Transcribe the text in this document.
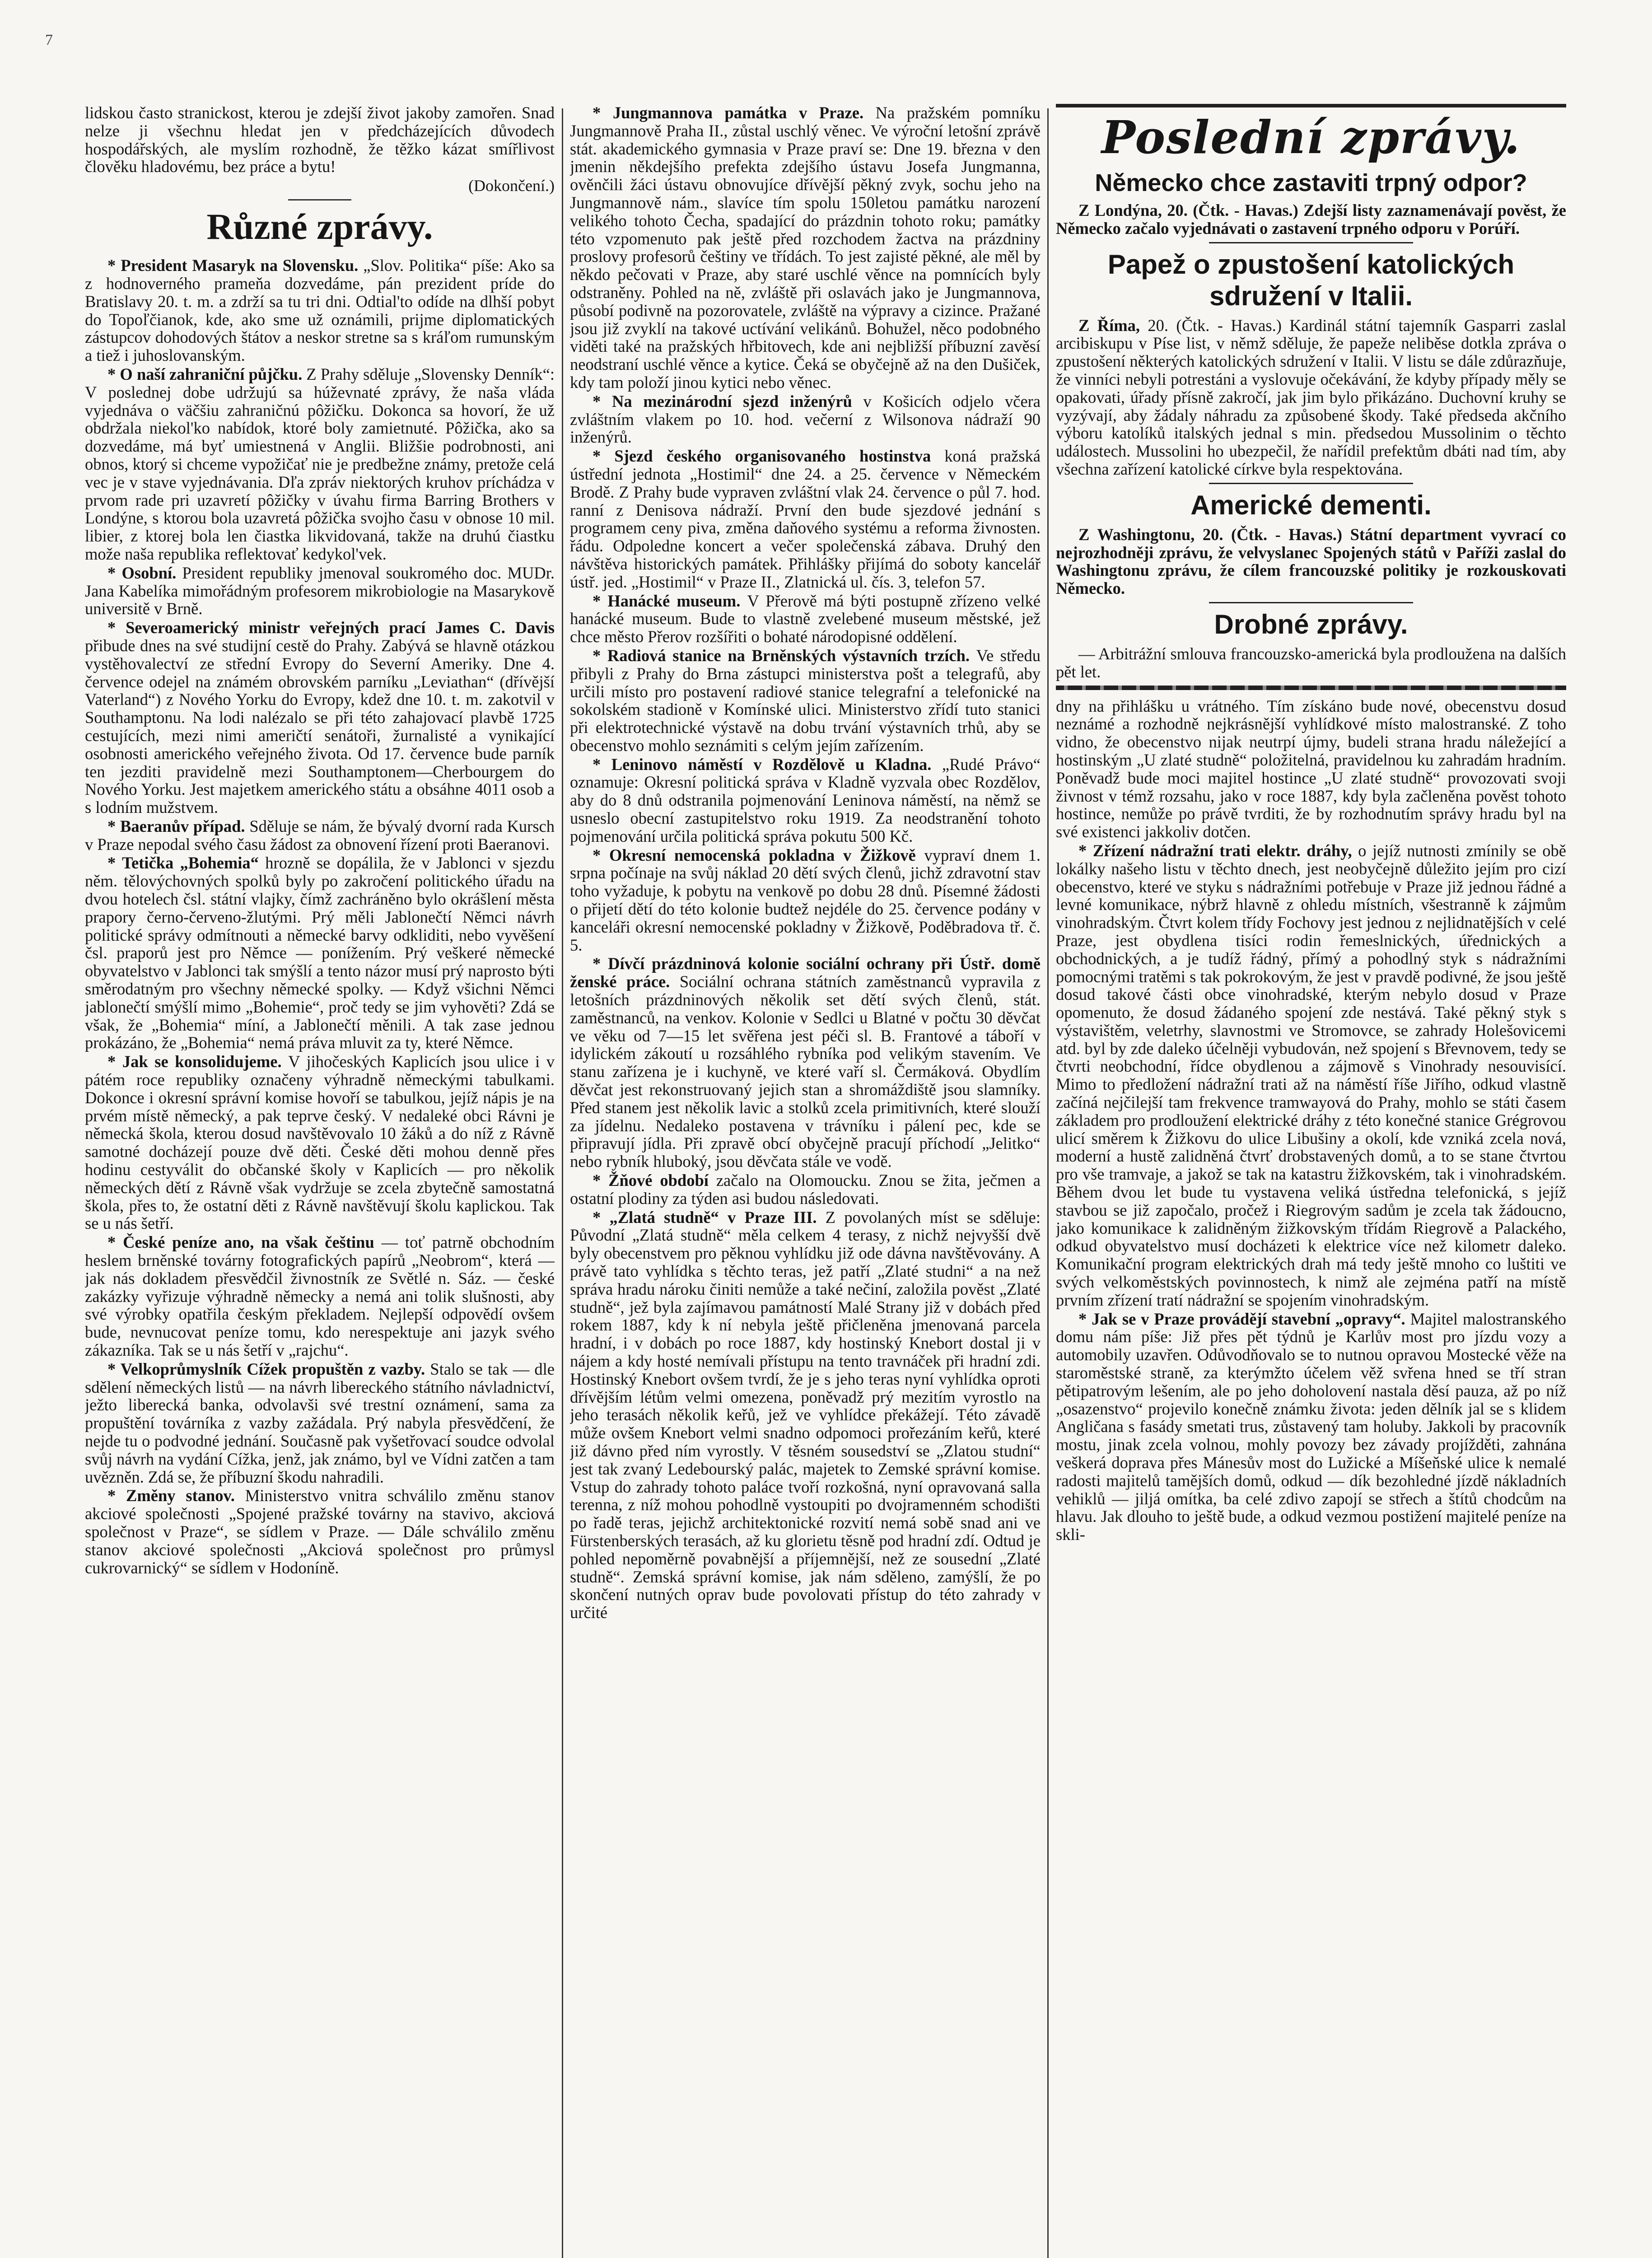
7

lidskou často stranickost, kterou je zdejší život jakoby zamořen. Snad nelze ji všechnu hledat jen v předcházejících důvodech hospodářských, ale myslím rozhodně, že těžko kázat smířlivost člověku hladovému, bez práce a bytu!

(Dokončení.)
Různé zprávy.

* President Masaryk na Slovensku. „Slov. Politika“ píše: Ako sa z hodnoverného prameňa dozvedáme, pán prezident príde do Bratislavy 20. t. m. a zdrží sa tu tri dni. Odtial'to odíde na dlhší pobyt do Topoľčianok, kde, ako sme už oznámili, prijme diplomatických zástupcov dohodových štátov a neskor stretne sa s kráľom rumunským a tiež i juhoslovanským.

* O naší zahraniční půjčku. Z Prahy sděluje „Slovensky Denník“: V poslednej dobe udržujú sa húževnaté zprávy, že naša vláda vyjednáva o väčšiu zahraničnú pôžičku. Dokonca sa hovorí, že už obdržala niekol'ko nabídok, ktoré boly zamietnuté. Pôžička, ako sa dozvedáme, má byť umiestnená v Anglii. Bližšie podrobnosti, ani obnos, ktorý si chceme vypožičať nie je predbežne známy, pretože celá vec je v stave vyjednávania. Dľa zpráv niektorých kruhov príchádza v prvom rade pri uzavretí pôžičky v úvahu firma Barring Brothers v Londýne, s ktorou bola uzavretá pôžička svojho času v obnose 10 mil. libier, z ktorej bola len čiastka likvidovaná, takže na druhú čiastku može naša republika reflektovať kedykol'vek.

* Osobní. President republiky jmenoval soukromého doc. MUDr. Jana Kabelíka mimořádným profesorem mikrobiologie na Masarykově universitě v Brně.

* Severoamerický ministr veřejných prací James C. Davis přibude dnes na své studijní cestě do Prahy. Zabývá se hlavně otázkou vystěhovalectví ze střední Evropy do Severní Ameriky. Dne 4. července odejel na známém obrovském parníku „Leviathan“ (dřívější Vaterland“) z Nového Yorku do Evropy, kdež dne 10. t. m. zakotvil v Southamptonu. Na lodi nalézalo se při této zahajovací plavbě 1725 cestujících, mezi nimi američtí senátoři, žurnalisté a vynikající osobnosti amerického veřejného života. Od 17. července bude parník ten jezditi pravidelně mezi Southamptonem—Cherbourgem do Nového Yorku. Jest majetkem amerického státu a obsáhne 4011 osob a s lodním mužstvem.

* Baeranův případ. Sděluje se nám, že bývalý dvorní rada Kursch v Praze nepodal svého času žádost za obnovení řízení proti Baeranovi.

* Tetička „Bohemia“ hrozně se dopálila, že v Jablonci v sjezdu něm. tělovýchovných spolků byly po zakročení politického úřadu na dvou hotelech čsl. státní vlajky, čímž zachráněno bylo okrášlení města prapory černo-červeno-žlutými. Prý měli Jablonečtí Němci návrh politické správy odmítnouti a německé barvy odkliditi, nebo vyvěšení čsl. praporů jest pro Němce — ponížením. Prý veškeré německé obyvatelstvo v Jablonci tak smýšlí a tento názor musí prý naprosto býti směrodatným pro všechny německé spolky. — Když všichni Němci jablonečtí smýšlí mimo „Bohemie“, proč tedy se jim vyhověti? Zdá se však, že „Bohemia“ míní, a Jablonečtí měnili. A tak zase jednou prokázáno, že „Bohemia“ nemá práva mluvit za ty, které Němce.

* Jak se konsolidujeme. V jihočeských Kaplicích jsou ulice i v pátém roce republiky označeny výhradně německými tabulkami. Dokonce i okresní správní komise hovoří se tabulkou, jejíž nápis je na prvém místě německý, a pak teprve český. V nedaleké obci Rávni je německá škola, kterou dosud navštěvovalo 10 žáků a do níž z Rávně samotné docházejí pouze dvě děti. České děti mohou denně přes hodinu cestyválit do občanské školy v Kaplicích — pro několik německých dětí z Rávně však vydržuje se zcela zbytečně samostatná škola, přes to, že ostatní děti z Rávně navštěvují školu kaplickou. Tak se u nás šetří.

* České peníze ano, na však češtinu — toť patrně obchodním heslem brněnské továrny fotografických papírů „Neobrom“, která — jak nás dokladem přesvědčil živnostník ze Světlé n. Sáz. — české zakázky vyřizuje výhradně německy a nemá ani tolik slušnosti, aby své výrobky opatřila českým překladem. Nejlepší odpovědí ovšem bude, nevnucovat peníze tomu, kdo nerespektuje ani jazyk svého zákazníka. Tak se u nás šetří v „rajchu“.

* Velkoprůmyslník Cížek propuštěn z vazby. Stalo se tak — dle sdělení německých listů — na návrh libereckého státního návladnictví, ježto liberecká banka, odvolavši své trestní oznámení, sama za propuštění továrníka z vazby zažádala. Prý nabyla přesvědčení, že nejde tu o podvodné jednání. Současně pak vyšetřovací soudce odvolal svůj návrh na vydání Cížka, jenž, jak známo, byl ve Vídni zatčen a tam uvězněn. Zdá se, že příbuzní škodu nahradili.

* Změny stanov. Ministerstvo vnitra schválilo změnu stanov akciové společnosti „Spojené pražské továrny na stavivo, akciová společnost v Praze“, se sídlem v Praze. — Dále schválilo změnu stanov akciové společnosti „Akciová společnost pro průmysl cukrovarnický“ se sídlem v Hodoníně.

* Jungmannova památka v Praze. Na pražském pomníku Jungmannově Praha II., zůstal uschlý věnec. Ve výroční letošní zprávě stát. akademického gymnasia v Praze praví se: Dne 19. března v den jmenin někdejšího prefekta zdejšího ústavu Josefa Jungmanna, ověnčili žáci ústavu obnovujíce dřívější pěkný zvyk, sochu jeho na Jungmannově nám., slavíce tím spolu 150letou památku narození velikého tohoto Čecha, spadající do prázdnin tohoto roku; památky této vzpomenuto pak ještě před rozchodem žactva na prázdniny proslovy profesorů češtiny ve třídách. To jest zajisté pěkné, ale měl by někdo pečovati v Praze, aby staré uschlé věnce na pomnících byly odstraněny. Pohled na ně, zvláště při oslavách jako je Jungmannova, působí podivně na pozorovatele, zvláště na výpravy a cizince. Pražané jsou již zvyklí na takové uctívání velikánů. Bohužel, něco podobného viděti také na pražských hřbitovech, kde ani nejbližší příbuzní zavěsí neodstraní uschlé věnce a kytice. Čeká se obyčejně až na den Dušiček, kdy tam položí jinou kytici nebo věnec.

* Na mezinárodní sjezd inženýrů v Košicích odjelo včera zvláštním vlakem po 10. hod. večerní z Wilsonova nádraží 90 inženýrů.

* Sjezd českého organisovaného hostinstva koná pražská ústřední jednota „Hostimil“ dne 24. a 25. července v Německém Brodě. Z Prahy bude vypraven zvláštní vlak 24. července o půl 7. hod. ranní z Denisova nádraží. První den bude sjezdové jednání s programem ceny piva, změna daňového systému a reforma živnosten. řádu. Odpoledne koncert a večer společenská zábava. Druhý den návštěva historických památek. Přihlášky přijímá do soboty kancelář ústř. jed. „Hostimil“ v Praze II., Zlatnická ul. čís. 3, telefon 57.

* Hanácké museum. V Přerově má býti postupně zřízeno velké hanácké museum. Bude to vlastně zvelebené museum městské, jež chce město Přerov rozšířiti o bohaté národopisné oddělení.

* Radiová stanice na Brněnských výstavních trzích. Ve středu přibyli z Prahy do Brna zástupci ministerstva pošt a telegrafů, aby určili místo pro postavení radiové stanice telegrafní a telefonické na sokolském stadioně v Komínské ulici. Ministerstvo zřídí tuto stanici při elektrotechnické výstavě na dobu trvání výstavních trhů, aby se obecenstvo mohlo seznámiti s celým jejím zařízením.

* Leninovo náměstí v Rozdělově u Kladna. „Rudé Právo“ oznamuje: Okresní politická správa v Kladně vyzvala obec Rozdělov, aby do 8 dnů odstranila pojmenování Leninova náměstí, na němž se usneslo obecní zastupitelstvo roku 1919. Za neodstranění tohoto pojmenování určila politická správa pokutu 500 Kč.

* Okresní nemocenská pokladna v Žižkově vypraví dnem 1. srpna počínaje na svůj náklad 20 dětí svých členů, jichž zdravotní stav toho vyžaduje, k pobytu na venkově po dobu 28 dnů. Písemné žádosti o přijetí dětí do této kolonie budtež nejdéle do 25. července podány v kanceláři okresní nemocenské pokladny v Žižkově, Poděbradova tř. č. 5.

* Dívčí prázdninová kolonie sociální ochrany při Ústř. domě ženské práce. Sociální ochrana státních zaměstnanců vypravila z letošních prázdninových několik set dětí svých členů, stát. zaměstnanců, na venkov. Kolonie v Sedlci u Blatné v počtu 30 děvčat ve věku od 7—15 let svěřena jest péči sl. B. Frantové a táboří v idylickém zákoutí u rozsáhlého rybníka pod velikým stavením. Ve stanu zařízena je i kuchyně, ve které vaří sl. Čermáková. Obydlím děvčat jest rekonstruovaný jejich stan a shromáždiště jsou slamníky. Před stanem jest několik lavic a stolků zcela primitivních, které slouží za jídelnu. Nedaleko postavena v trávníku i pálení pec, kde se připravují jídla. Při zpravě obcí obyčejně pracují příchodí „Jelitko“ nebo rybník hluboký, jsou děvčata stále ve vodě.

* Žňové období začalo na Olomoucku. Znou se žita, ječmen a ostatní plodiny za týden asi budou následovati.

* „Zlatá studně“ v Praze III. Z povolaných míst se sděluje: Původní „Zlatá studně“ měla celkem 4 terasy, z nichž nejvyšší dvě byly obecenstvem pro pěknou vyhlídku již ode dávna navštěvovány. A právě tato vyhlídka s těchto teras, jež patří „Zlaté studni“ a na než správa hradu nároku činiti nemůže a také nečiní, založila pověst „Zlaté studně“, jež byla zajímavou památností Malé Strany již v dobách před rokem 1887, kdy k ní nebyla ještě přičleněna jmenovaná parcela hradní, i v dobách po roce 1887, kdy hostinský Knebort dostal ji v nájem a kdy hosté nemívali přístupu na tento travnáček při hradní zdi. Hostinský Knebort ovšem tvrdí, že je s jeho teras nyní vyhlídka oproti dřívějším létům velmi omezena, poněvadž prý mezitím vyrostlo na jeho terasách několik keřů, jež ve vyhlídce překážejí. Této závadě může ovšem Knebort velmi snadno odpomoci prořezáním keřů, které již dávno před ním vyrostly. V těsném sousedství se „Zlatou studní“ jest tak zvaný Ledebourský palác, majetek to Zemské správní komise. Vstup do zahrady tohoto paláce tvoří rozkošná, nyní opravovaná salla terenna, z níž mohou pohodlně vystoupiti po dvojramenném schodišti po řadě teras, jejichž architektonické rozvití nemá sobě snad ani ve Fürstenberských terasách, až ku glorietu těsně pod hradní zdí. Odtud je pohled nepoměrně povabnější a příjemnější, než ze sousední „Zlaté studně“. Zemská správní komise, jak nám sděleno, zamýšlí, že po skončení nutných oprav bude povolovati přístup do této zahrady v určité

Poslední zprávy.
Německo chce zastaviti trpný odpor?

Z Londýna, 20. (Čtk. - Havas.) Zdejší listy zaznamenávají pověst, že Německo začalo vyjednávati o zastavení trpného odporu v Porúří.

Papež o zpustošení katolických sdružení v Italii.

Z Říma, 20. (Čtk. - Havas.) Kardinál státní tajemník Gasparri zaslal arcibiskupu v Píse list, v němž sděluje, že papeže neliběse dotkla zpráva o zpustošení některých katolických sdružení v Italii. V listu se dále zdůrazňuje, že vinníci nebyli potrestáni a vyslovuje očekávání, že kdyby případy měly se opakovati, úřady přísně zakročí, jak jim bylo přikázáno. Duchovní kruhy se vyzývají, aby žádaly náhradu za způsobené škody. Také předseda akčního výboru katolíků italských jednal s min. předsedou Mussolinim o těchto událostech. Mussolini ho ubezpečil, že nařídil prefektům dbáti nad tím, aby všechna zařízení katolické církve byla respektována.

Americké dementi.

Z Washingtonu, 20. (Čtk. - Havas.) Státní department vyvrací co nejrozhodněji zprávu, že velvyslanec Spojených států v Paříži zaslal do Washingtonu zprávu, že cílem francouzské politiky je rozkouskovati Německo.

Drobné zprávy.

— Arbitrážní smlouva francouzsko-americká byla prodloužena na dalších pět let.

dny na přihlášku u vrátného. Tím získáno bude nové, obecenstvu dosud neznámé a rozhodně nejkrásnější vyhlídkové místo malostranské. Z toho vidno, že obecenstvo nijak neutrpí újmy, budeli strana hradu náležející a hostinským „U zlaté studně“ položitelná, pravidelnou ku zahradám hradním. Poněvadž bude moci majitel hostince „U zlaté studně“ provozovati svoji živnost v témž rozsahu, jako v roce 1887, kdy byla začleněna pověst tohoto hostince, nemůže po právě tvrditi, že by rozhodnutím správy hradu byl na své existenci jakkoliv dotčen.

* Zřízení nádražní trati elektr. dráhy, o jejíž nutnosti zmínily se obě lokálky našeho listu v těchto dnech, jest neobyčejně důležito jejím pro cizí obecenstvo, které ve styku s nádražními potřebuje v Praze již jednou řádné a levné komunikace, nýbrž hlavně z ohledu místních, všestranně k zájmům vinohradským. Čtvrt kolem třídy Fochovy jest jednou z nejlidnatějších v celé Praze, jest obydlena tisíci rodin řemeslnických, úřednických a obchodnických, a je tudíž řádný, přímý a pohodlný styk s nádražními pomocnými tratěmi s tak pokrokovým, že jest v pravdě podivné, že jsou ještě dosud takové části obce vinohradské, kterým nebylo dosud v Praze opomenuto, že dosud žádaného spojení zde nestává. Také pěkný styk s výstavištěm, veletrhy, slavnostmi ve Stromovce, se zahrady Holešovicemi atd. byl by zde daleko účelněji vybudován, než spojení s Břevnovem, tedy se čtvrti neobchodní, řídce obydlenou a zájmově s Vinohrady nesouvisící. Mimo to předložení nádražní trati až na náměstí říše Jiřího, odkud vlastně začíná nejčilejší tam frekvence tramwayová do Prahy, mohlo se státi časem základem pro prodloužení elektrické dráhy z této konečné stanice Grégrovou ulicí směrem k Žižkovu do ulice Libušiny a okolí, kde vzniká zcela nová, moderní a hustě zalidněná čtvrť drobstavených domů, a to se stane čtvrtou pro vše tramvaje, a jakož se tak na katastru žižkovském, tak i vinohradském. Během dvou let bude tu vystavena veliká ústředna telefonická, s jejíž stavbou se již započalo, pročež i Riegrovým sadům je zcela tak žádoucno, jako komunikace k zalidněným žižkovským třídám Riegrově a Palackého, odkud obyvatelstvo musí docházeti k elektrice více než kilometr daleko. Komunikační program elektrických drah má tedy ještě mnoho co luštiti ve svých velkoměstských povinnostech, k nimž ale zejména patří na místě prvním zřízení tratí nádražní se spojením vinohradským.

* Jak se v Praze provádějí stavební „opravy“. Majitel malostranského domu nám píše: Již přes pět týdnů je Karlův most pro jízdu vozy a automobily uzavřen. Odůvodňovalo se to nutnou opravou Mostecké věže na staroměstské straně, za kterýmžto účelem věž svřena hned se tří stran pětipatrovým lešením, ale po jeho doholovení nastala děsí pauza, až po níž „osazenstvo“ projevilo konečně známku života: jeden dělník jal se s klidem Angličana s fasády smetati trus, zůstavený tam holuby. Jakkoli by pracovník mostu, jinak zcela volnou, mohly povozy bez závady projížděti, zahnána veškerá doprava přes Mánesův most do Lužické a Míšeňské ulice k nemalé radosti majitelů tamějších domů, odkud — dík bezohledné jízdě nákladních vehiklů — jiljá omítka, ba celé zdivo zapojí se střech a štítů chodcům na hlavu. Jak dlouho to ještě bude, a odkud vezmou postižení majitelé peníze na skli-
